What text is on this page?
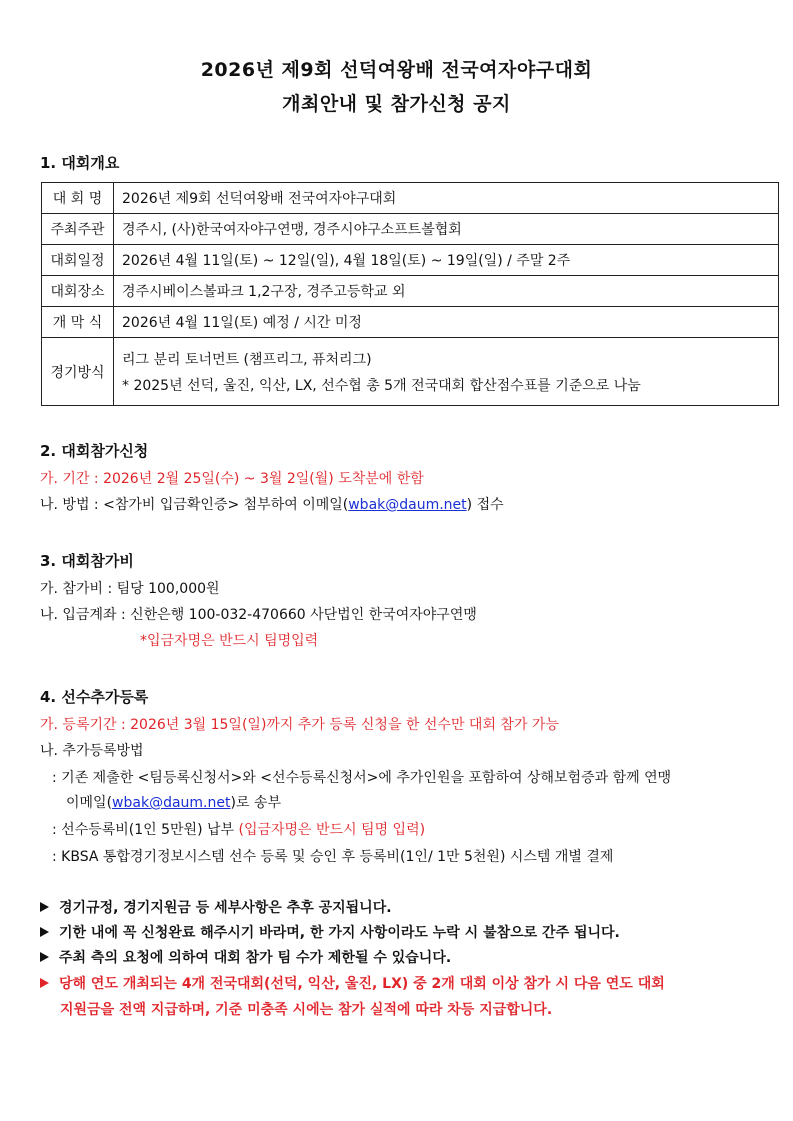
2026년 제9회 선덕여왕배 전국여자야구대회
개최안내 및 참가신청 공지
1. 대회개요
대 회 명	2026년 제9회 선덕여왕배 전국여자야구대회
주최주관	경주시, (사)한국여자야구연맹, 경주시야구소프트볼협회
대회일정	2026년 4월 11일(토) ~ 12일(일), 4월 18일(토) ~ 19일(일) / 주말 2주
대회장소	경주시베이스볼파크 1,2구장, 경주고등학교 외
개 막 식	2026년 4월 11일(토) 예정 / 시간 미정
경기방식	리그 분리 토너먼트 (챔프리그, 퓨처리그)
* 2025년 선덕, 울진, 익산, LX, 선수협 총 5개 전국대회 합산점수표를 기준으로 나눔
2. 대회참가신청
가. 기간 : 2026년 2월 25일(수) ~ 3월 2일(월) 도착분에 한함
나. 방법 : <참가비 입금확인증> 첨부하여 이메일(wbak@daum.net) 접수
3. 대회참가비
가. 참가비 : 팀당 100,000원
나. 입금계좌 : 신한은행 100-032-470660 사단법인 한국여자야구연맹
*입금자명은 반드시 팀명입력
4. 선수추가등록
가. 등록기간 : 2026년 3월 15일(일)까지 추가 등록 신청을 한 선수만 대회 참가 가능
나. 추가등록방법
: 기존 제출한 <팀등록신청서>와 <선수등록신청서>에 추가인원을 포함하여 상해보험증과 함께 연맹
이메일(wbak@daum.net)로 송부
: 선수등록비(1인 5만원) 납부 (입금자명은 반드시 팀명 입력)
: KBSA 통합경기정보시스템 선수 등록 및 승인 후 등록비(1인/ 1만 5천원) 시스템 개별 결제
경기규정, 경기지원금 등 세부사항은 추후 공지됩니다.
기한 내에 꼭 신청완료 해주시기 바라며, 한 가지 사항이라도 누락 시 불참으로 간주 됩니다.
주최 측의 요청에 의하여 대회 참가 팀 수가 제한될 수 있습니다.
당해 연도 개최되는 4개 전국대회(선덕, 익산, 울진, LX) 중 2개 대회 이상 참가 시 다음 연도 대회
지원금을 전액 지급하며, 기준 미충족 시에는 참가 실적에 따라 차등 지급합니다.
